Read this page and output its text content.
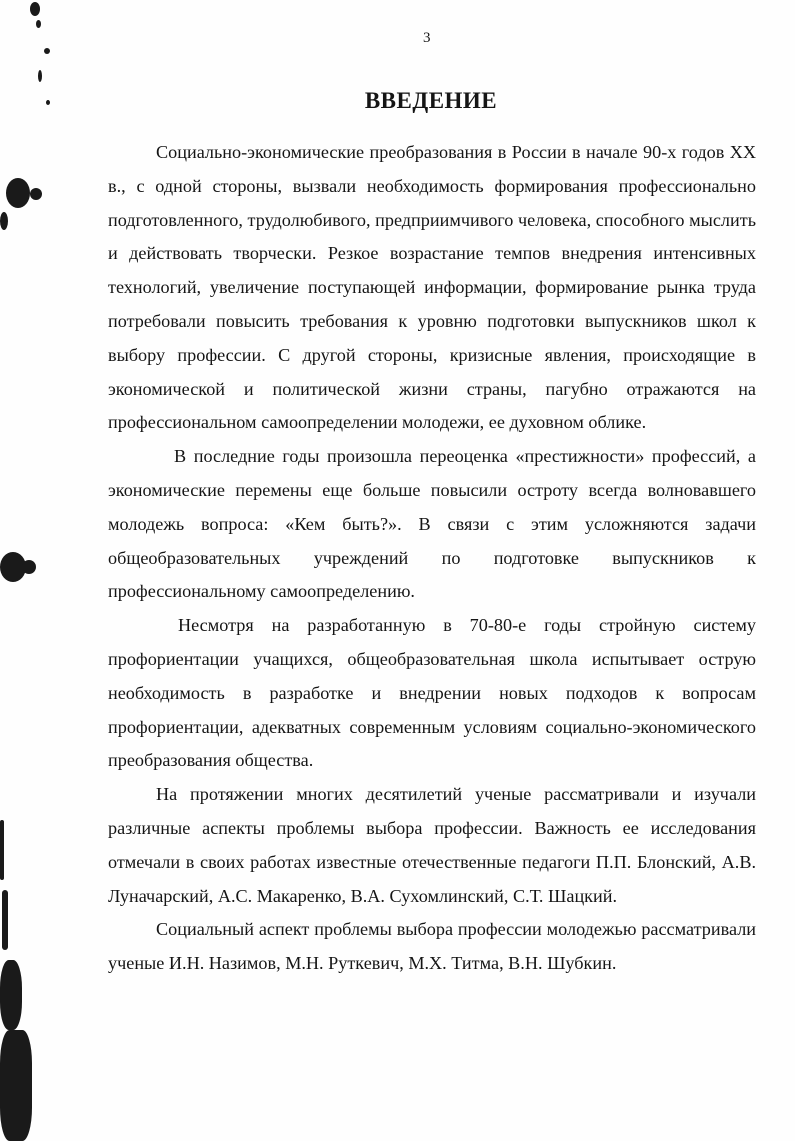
3
ВВЕДЕНИЕ

Социально-экономические преобразования в России в начале 90-х годов XX в., с одной стороны, вызвали необходимость формирования профессионально подготовленного, трудолюбивого, предприимчивого человека, способного мыслить и действовать творчески. Резкое возрастание темпов внедрения интенсивных технологий, увеличение поступающей информации, формирование рынка труда потребовали повысить требования к уровню подготовки выпускников школ к выбору профессии. С другой стороны, кризисные явления, происходящие в экономической и политической жизни страны, пагубно отражаются на профессиональном самоопределении молодежи, ее духовном облике.

В последние годы произошла переоценка «престижности» профессий, а экономические перемены еще больше повысили остроту всегда волновавшего молодежь вопроса: «Кем быть?». В связи с этим усложняются задачи общеобразовательных учреждений по подготовке выпускников к профессиональному самоопределению.

Несмотря на разработанную в 70-80-е годы стройную систему профориентации учащихся, общеобразовательная школа испытывает острую необходимость в разработке и внедрении новых подходов к вопросам профориентации, адекватных современным условиям социально-экономического преобразования общества.

На протяжении многих десятилетий ученые рассматривали и изучали различные аспекты проблемы выбора профессии. Важность ее исследования отмечали в своих работах известные отечественные педагоги П.П. Блонский, А.В. Луначарский, А.С. Макаренко, В.А. Сухомлинский, С.Т. Шацкий.

Социальный аспект проблемы выбора профессии молодежью рассматривали ученые И.Н. Назимов, М.Н. Руткевич, М.Х. Титма, В.Н. Шубкин.
